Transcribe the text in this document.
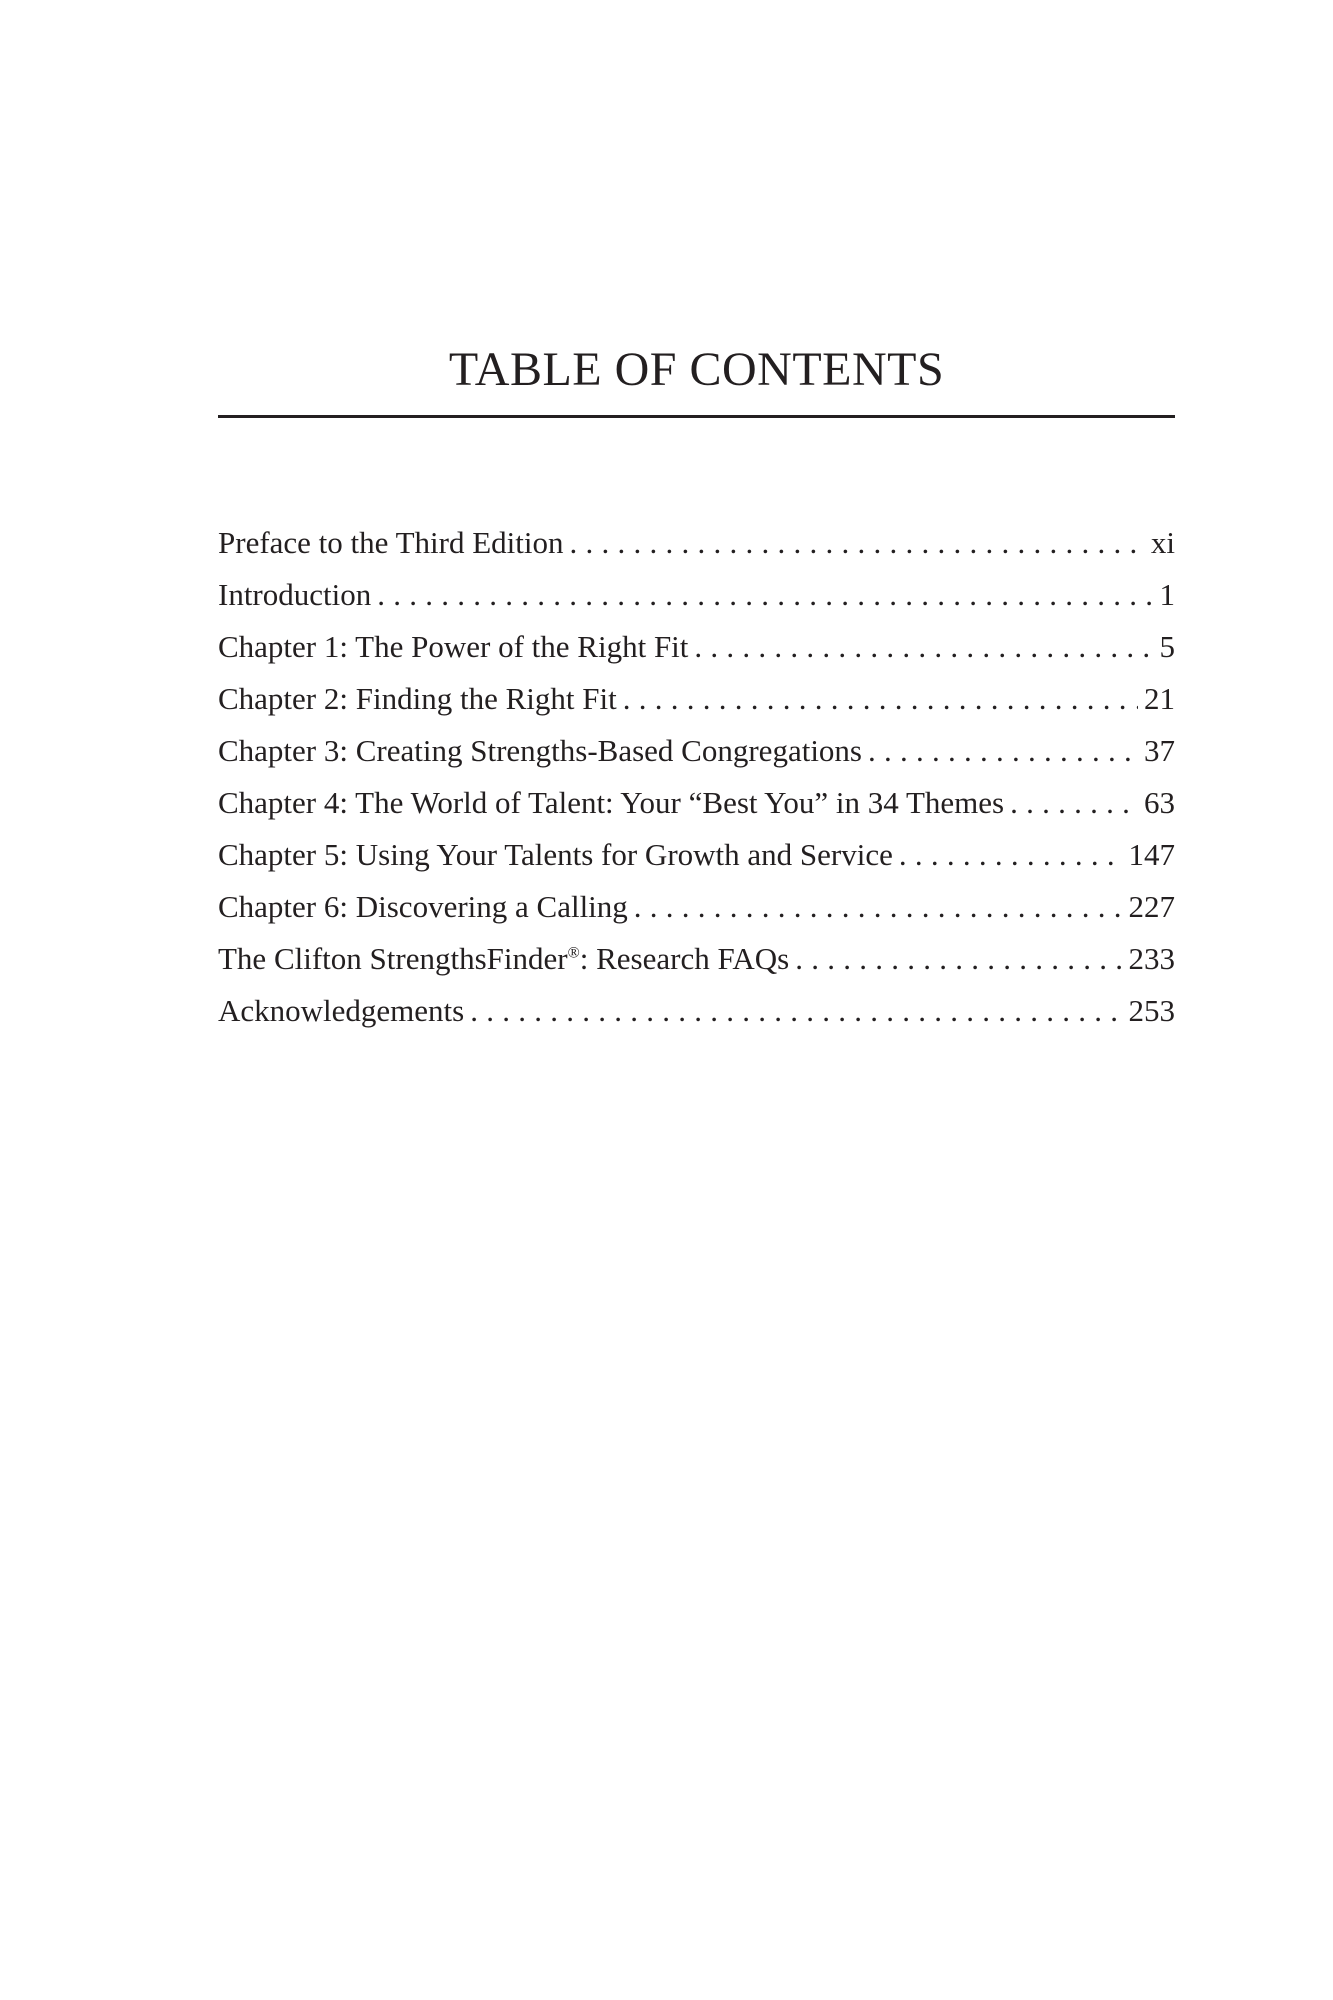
TABLE OF CONTENTS
Preface to the Third Edition . . .	xi
Introduction . . .	1
Chapter 1: The Power of the Right Fit . . .	5
Chapter 2: Finding the Right Fit . . .	21
Chapter 3: Creating Strengths-Based Congregations . . .	37
Chapter 4: The World of Talent: Your “Best You” in 34 Themes . . .	63
Chapter 5: Using Your Talents for Growth and Service . . .	147
Chapter 6: Discovering a Calling . . .	227
The Clifton StrengthsFinder®: Research FAQs . . .	233
Acknowledgements . . .	253
